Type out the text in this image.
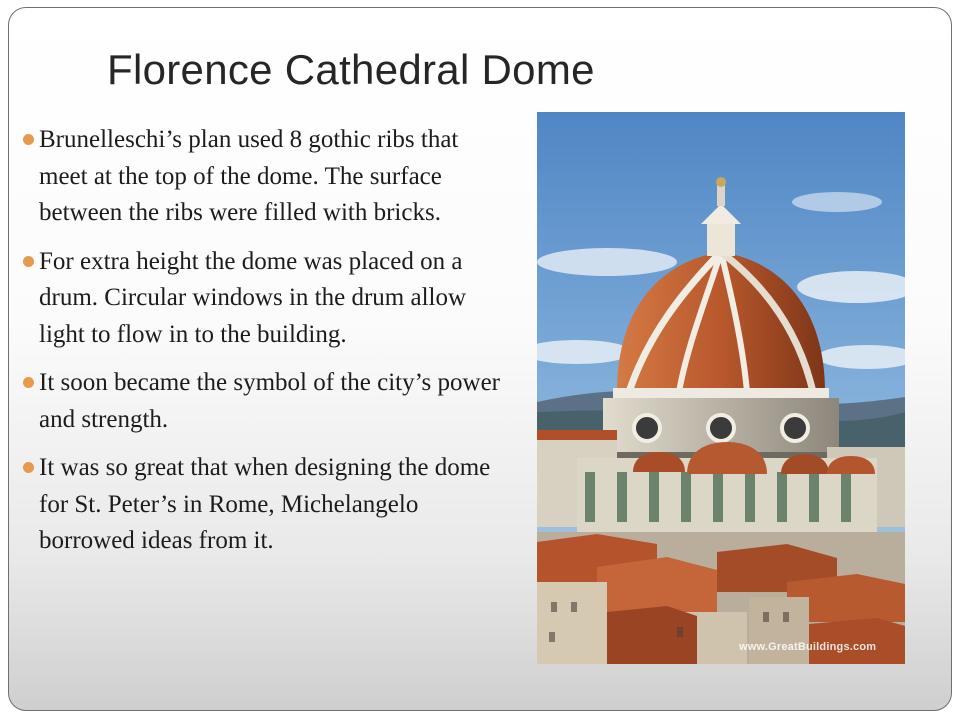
Florence Cathedral Dome
Brunelleschi’s plan used 8 gothic ribs that meet at the top of the dome. The surface between the ribs were filled with bricks.
For extra height the dome was placed on a drum. Circular windows in the drum allow light to flow in to the building.
It soon became the symbol of the city’s power and strength.
It was so great that when designing the dome for St. Peter’s in Rome, Michelangelo borrowed ideas from it.
www.GreatBuildings.com
